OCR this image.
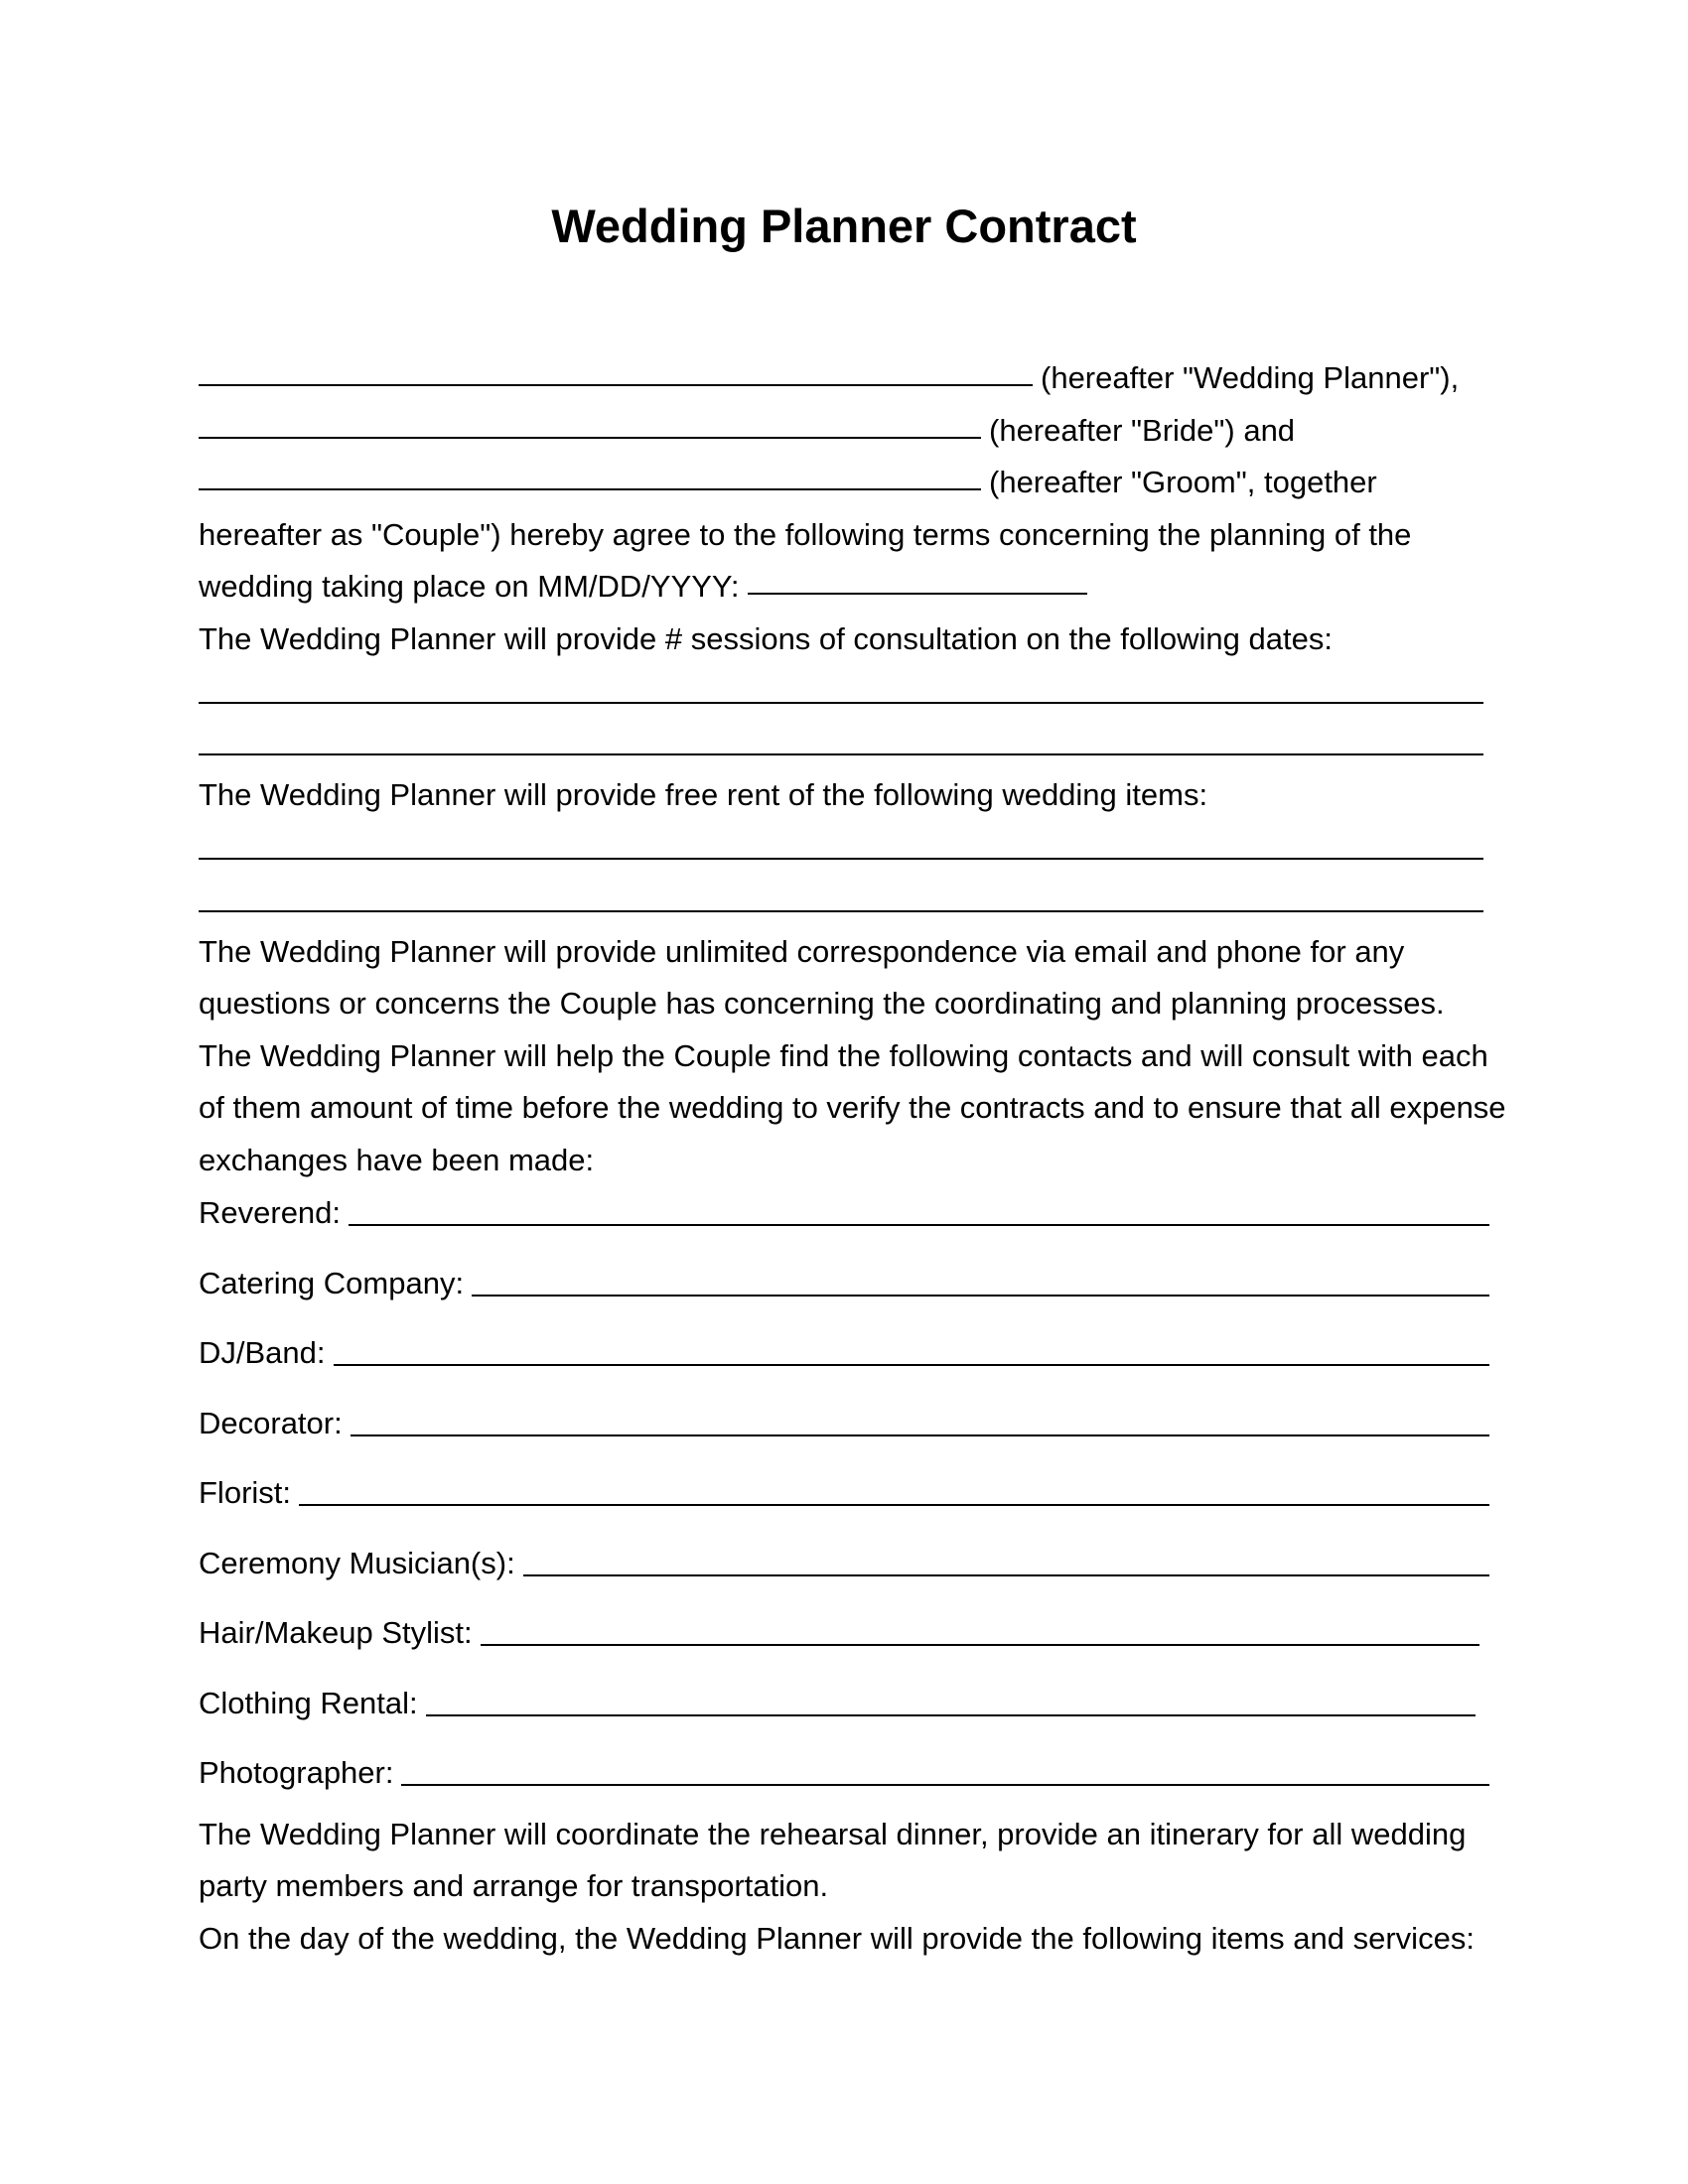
Wedding Planner Contract
(hereafter "Wedding Planner"),
(hereafter "Bride") and
(hereafter "Groom", together
hereafter as "Couple") hereby agree to the following terms concerning the planning of the
wedding taking place on MM/DD/YYYY:
The Wedding Planner will provide # sessions of consultation on the following dates:
The Wedding Planner will provide free rent of the following wedding items:
The Wedding Planner will provide unlimited correspondence via email and phone for any
questions or concerns the Couple has concerning the coordinating and planning processes.
The Wedding Planner will help the Couple find the following contacts and will consult with each
of them amount of time before the wedding to verify the contracts and to ensure that all expense
exchanges have been made:
Reverend:
Catering Company:
DJ/Band:
Decorator:
Florist:
Ceremony Musician(s):
Hair/Makeup Stylist:
Clothing Rental:
Photographer:
The Wedding Planner will coordinate the rehearsal dinner, provide an itinerary for all wedding
party members and arrange for transportation.
On the day of the wedding, the Wedding Planner will provide the following items and services:
